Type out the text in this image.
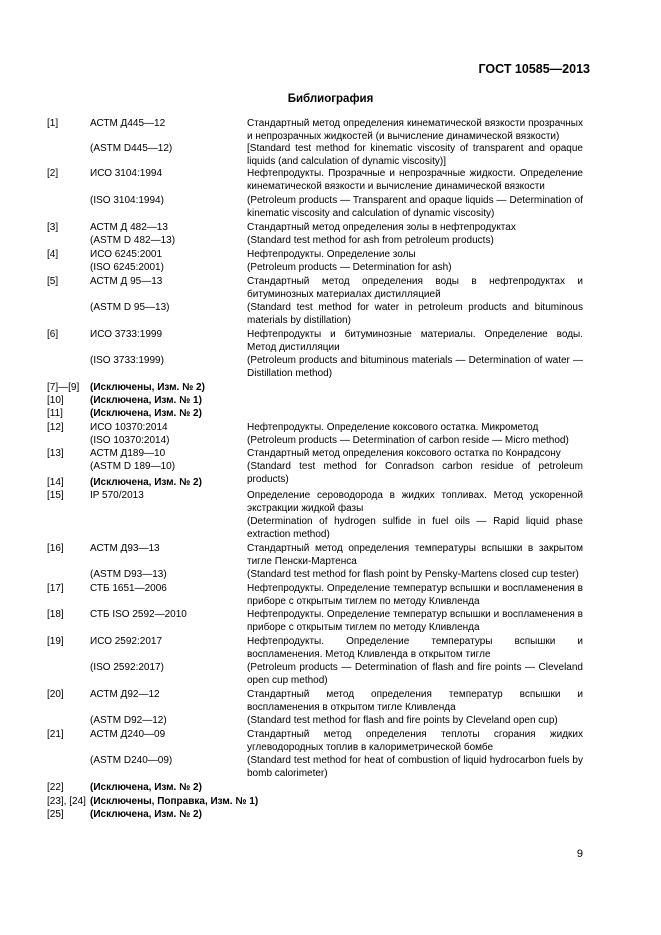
ГОСТ 10585—2013
Библиография
[1]	АСТМ Д445—12	Стандартный метод определения кинематической вязкости прозрачных и непрозрачных жидкостей (и вычисление динамической вязкости)
(ASTM D445—12)	[Standard test method for kinematic viscosity of transparent and opaque liquids (and calculation of dynamic viscosity)]
[2]	ИСО 3104:1994	Нефтепродукты. Прозрачные и непрозрачные жидкости. Определение кинематической вязкости и вычисление динамической вязкости
(ISO 3104:1994)	(Petroleum products — Transparent and opaque liquids — Determination of kinematic viscosity and calculation of dynamic viscosity)
[3]	АСТМ Д 482—13	Стандартный метод определения золы в нефтепродуктах
(ASTM D 482—13)	(Standard test method for ash from petroleum products)
[4]	ИСО 6245:2001	Нефтепродукты. Определение золы
(ISO 6245:2001)	(Petroleum products — Determination for ash)
[5]	АСТМ Д 95—13	Стандартный метод определения воды в нефтепродуктах и битуминозных материалах дистилляцией
(ASTM D 95—13)	(Standard test method for water in petroleum products and bituminous materials by distillation)
[6]	ИСО 3733:1999	Нефтепродукты и битуминозные материалы. Определение воды. Метод дистилляции
(ISO 3733:1999)	(Petroleum products and bituminous materials — Determination of water — Distillation method)
[7]—[9] (Исключены, Изм. № 2)
[10]	(Исключена, Изм. № 1)
[11]	(Исключена, Изм. № 2)
[12]	ИСО 10370:2014	Нефтепродукты. Определение коксового остатка. Микрометод
(ISO 10370:2014)	(Petroleum products — Determination of carbon reside — Micro method)
[13]	АСТМ Д189—10	Стандартный метод определения коксового остатка по Конрадсону
(ASTM D 189—10)	(Standard test method for Conradson carbon residue of petroleum products)
[14]	(Исключена, Изм. № 2)
[15]	IP 570/2013	Определение сероводорода в жидких топливах. Метод ускоренной экстракции жидкой фазы
(Determination of hydrogen sulfide in fuel oils — Rapid liquid phase extraction method)
[16]	АСТМ Д93—13	Стандартный метод определения температуры вспышки в закрытом тигле Пенски-Мартенса
(ASTM D93—13)	(Standard test method for flash point by Pensky-Martens closed cup tester)
[17]	СТБ 1651—2006	Нефтепродукты. Определение температур вспышки и воспламенения в приборе с открытым тиглем по методу Кливленда
[18]	СТБ ISO 2592—2010	Нефтепродукты. Определение температур вспышки и воспламенения в приборе с открытым тиглем по методу Кливленда
[19]	ИСО 2592:2017	Нефтепродукты. Определение температуры вспышки и воспламенения. Метод Кливленда в открытом тигле
(ISO 2592:2017)	(Petroleum products — Determination of flash and fire points — Cleveland open cup method)
[20]	АСТМ Д92—12	Стандартный метод определения температур вспышки и воспламенения в открытом тигле Кливленда
(ASTM D92—12)	(Standard test method for flash and fire points by Cleveland open cup)
[21]	АСТМ Д240—09	Стандартный метод определения теплоты сгорания жидких углеводородных топлив в калориметрической бомбе
(ASTM D240—09)	(Standard test method for heat of combustion of liquid hydrocarbon fuels by bomb calorimeter)
[22]	(Исключена, Изм. № 2)
[23], [24] (Исключены, Поправка, Изм. № 1)
[25]	(Исключена, Изм. № 2)
9
